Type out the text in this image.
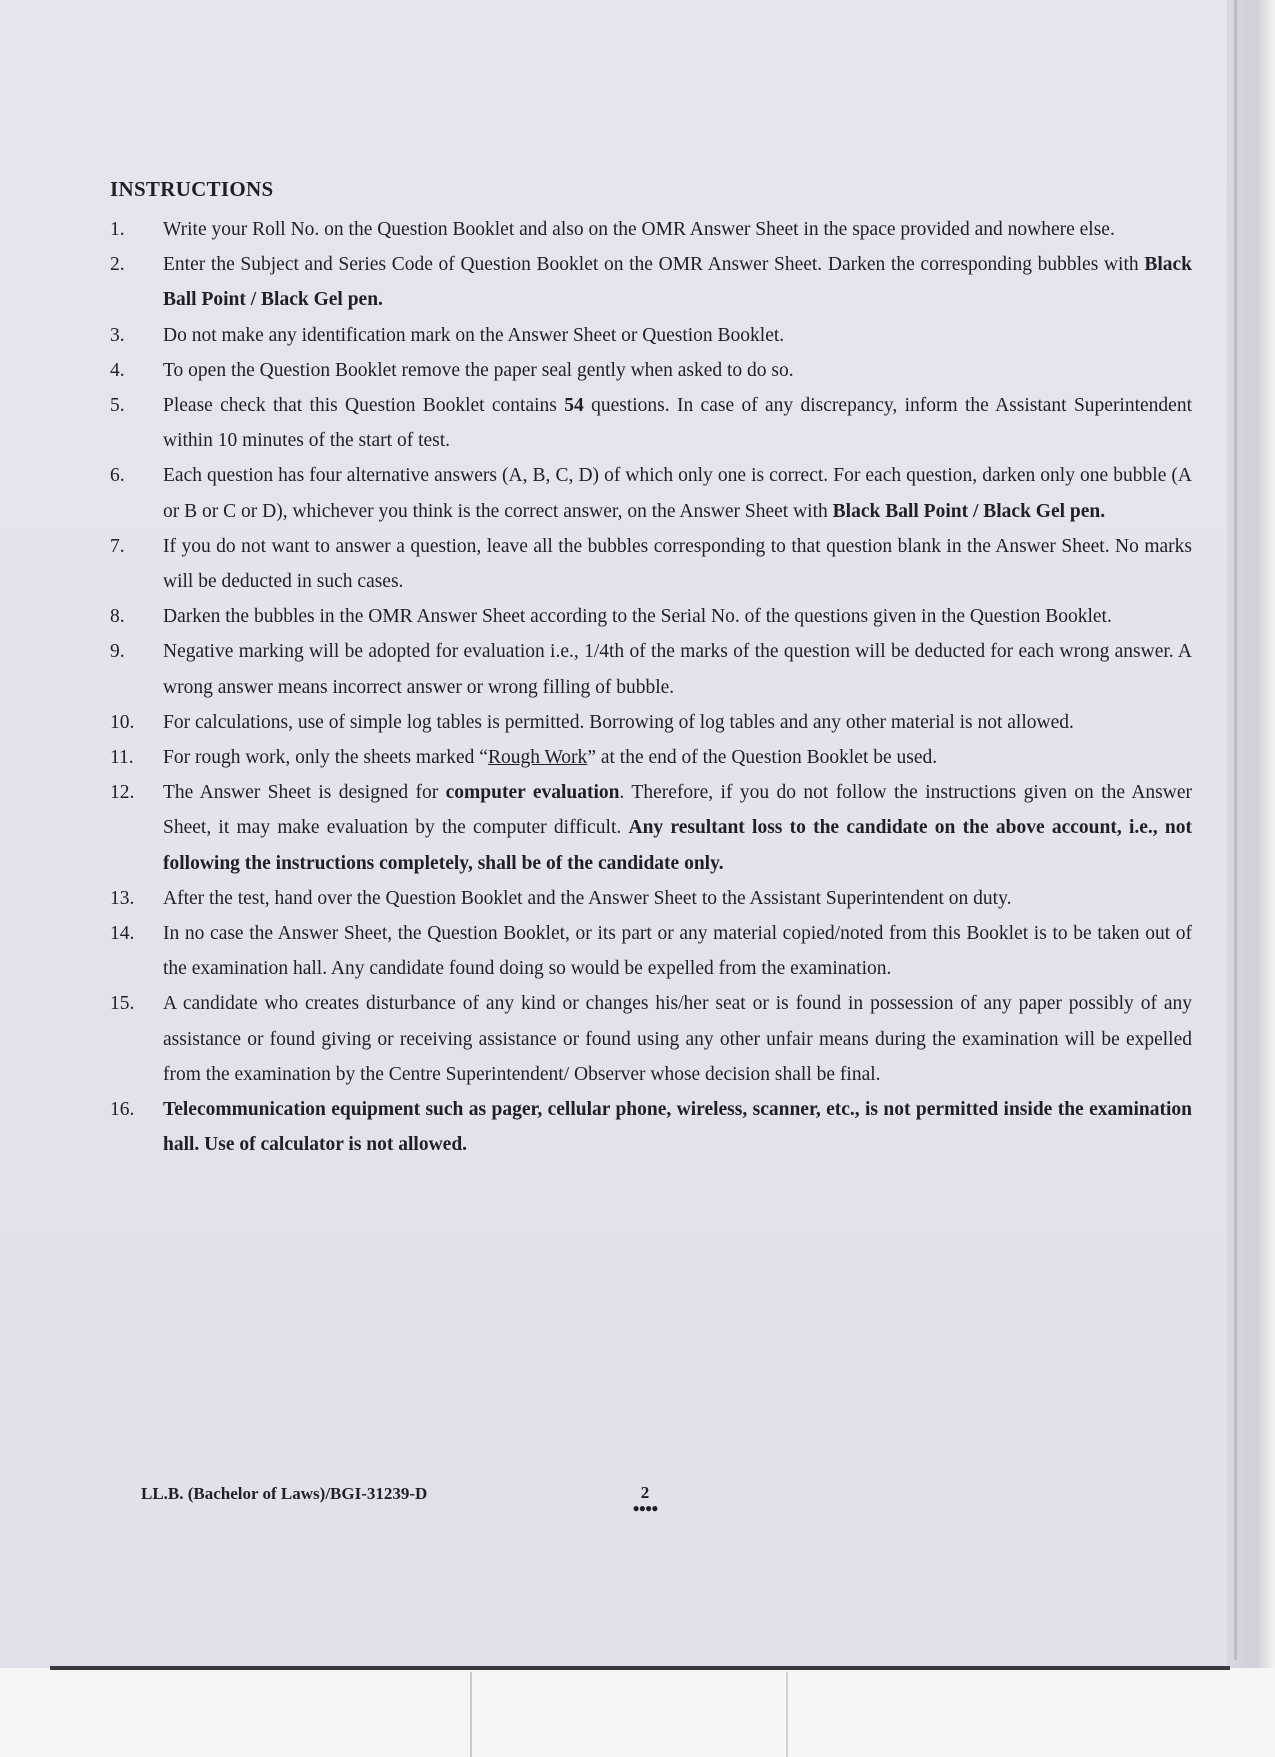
INSTRUCTIONS
1.	Write your Roll No. on the Question Booklet and also on the OMR Answer Sheet in the space provided and nowhere else.
2.	Enter the Subject and Series Code of Question Booklet on the OMR Answer Sheet. Darken the corresponding bubbles with Black Ball Point / Black Gel pen.
3.	Do not make any identification mark on the Answer Sheet or Question Booklet.
4.	To open the Question Booklet remove the paper seal gently when asked to do so.
5.	Please check that this Question Booklet contains 54 questions. In case of any discrepancy, inform the Assistant Superintendent within 10 minutes of the start of test.
6.	Each question has four alternative answers (A, B, C, D) of which only one is correct. For each question, darken only one bubble (A or B or C or D), whichever you think is the correct answer, on the Answer Sheet with Black Ball Point / Black Gel pen.
7.	If you do not want to answer a question, leave all the bubbles corresponding to that question blank in the Answer Sheet. No marks will be deducted in such cases.
8.	Darken the bubbles in the OMR Answer Sheet according to the Serial No. of the questions given in the Question Booklet.
9.	Negative marking will be adopted for evaluation i.e., 1/4th of the marks of the question will be deducted for each wrong answer. A wrong answer means incorrect answer or wrong filling of bubble.
10.	For calculations, use of simple log tables is permitted. Borrowing of log tables and any other material is not allowed.
11.	For rough work, only the sheets marked “Rough Work” at the end of the Question Booklet be used.
12.	The Answer Sheet is designed for computer evaluation. Therefore, if you do not follow the instructions given on the Answer Sheet, it may make evaluation by the computer difficult. Any resultant loss to the candidate on the above account, i.e., not following the instructions completely, shall be of the candidate only.
13.	After the test, hand over the Question Booklet and the Answer Sheet to the Assistant Superintendent on duty.
14.	In no case the Answer Sheet, the Question Booklet, or its part or any material copied/noted from this Booklet is to be taken out of the examination hall. Any candidate found doing so would be expelled from the examination.
15.	A candidate who creates disturbance of any kind or changes his/her seat or is found in possession of any paper possibly of any assistance or found giving or receiving assistance or found using any other unfair means during the examination will be expelled from the examination by the Centre Superintendent/ Observer whose decision shall be final.
16.	Telecommunication equipment such as pager, cellular phone, wireless, scanner, etc., is not permitted inside the examination hall. Use of calculator is not allowed.
LL.B. (Bachelor of Laws)/BGI-31239-D	2
●●●●
